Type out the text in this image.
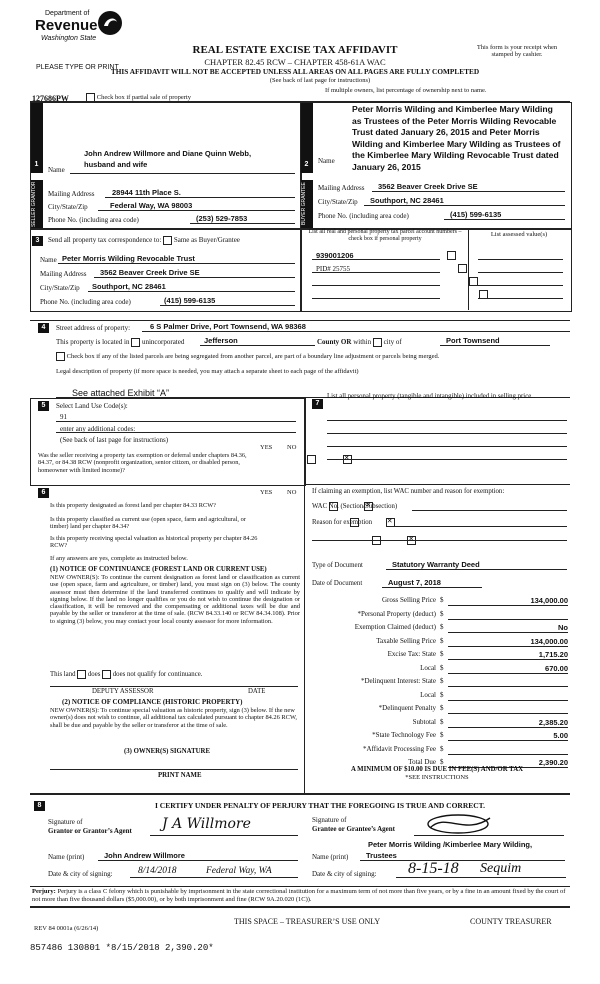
Department of
Revenue
Washington State
PLEASE TYPE OR PRINT
REAL ESTATE EXCISE TAX AFFIDAVIT
CHAPTER 82.45 RCW – CHAPTER 458-61A WAC
THIS AFFIDAVIT WILL NOT BE ACCEPTED UNLESS ALL AREAS ON ALL PAGES ARE FULLY COMPLETED
(See back of last page for instructions)
This form is your receipt when stamped by cashier.
127686PW	Check box if partial sale of property
If multiple owners, list percentage of ownership next to name.
1	2
SELLER GRANTOR	BUYER GRANTEE
Name
John Andrew Willmore and Diane Quinn Webb, husband and wife
Mailing Address 28944 11th Place S.
City/State/Zip	Federal Way, WA 98003
Phone No. (including area code)	(253) 529-7853
Name
Peter Morris Wilding and Kimberlee Mary Wilding as Trustees of the Peter Morris Wilding Revocable Trust dated January 26, 2015 and Peter Morris Wilding and Kimberlee Mary Wilding as Trustees of the Kimberlee Mary Wilding Revocable Trust dated January 26, 2015
Mailing Address 3562 Beaver Creek Drive SE
City/State/Zip Southport, NC 28461
Phone No. (including area code)	(415) 599-6135
3	Send all property tax correspondence to: Same as Buyer/Grantee
Name Peter Morris Wilding Revocable Trust
Mailing Address 3562 Beaver Creek Drive SE
City/State/Zip Southport, NC 28461
Phone No. (including area code)	(415) 599-6135
List all real and personal property tax parcel account numbers – check box if personal property
List assessed value(s)
939001206
PID# 25755

4	Street address of property:	6 S Palmer Drive, Port Townsend, WA 98368
This property is located in unincorporated	Jefferson	County OR within city of	Port Townsend
Check box if any of the listed parcels are being segregated from another parcel, are part of a boundary line adjustment or parcels being merged.
Legal description of property (if more space is needed, you may attach a separate sheet to each page of the affidavit)
See attached Exhibit “A”
5	Select Land Use Code(s):
91
enter any additional codes:
(See back of last page for instructions)
YES NO
Was the seller receiving a property tax exemption or deferral under chapters 84.36, 84.37, or 84.38 RCW (nonprofit organization, senior citizen, or disabled person, homeowner with limited income)?
✕
6	YES NO
Is this property designated as forest land per chapter 84.33 RCW?
✕
Is this property classified as current use (open space, farm and agricultural, or timber) land per chapter 84.34?
✕
Is this property receiving special valuation as historical property per chapter 84.26 RCW?
✕
If any answers are yes, complete as instructed below.
(1) NOTICE OF CONTINUANCE (FOREST LAND OR CURRENT USE)
NEW OWNER(S): To continue the current designation as forest land or classification as current use (open space, farm and agriculture, or timber) land, you must sign on (3) below. The county assessor must then determine if the land transferred continues to qualify and will indicate by signing below. If the land no longer qualifies or you do not wish to continue the designation or classification, it will be removed and the compensating or additional taxes will be due and payable by the seller or transferor at the time of sale. (RCW 84.33.140 or RCW 84.34.108). Prior to signing (3) below, you may contact your local county assessor for more information.
This land does does not qualify for continuance.
DEPUTY ASSESSOR	DATE
(2) NOTICE OF COMPLIANCE (HISTORIC PROPERTY)
NEW OWNER(S): To continue special valuation as historic property, sign (3) below. If the new owner(s) does not wish to continue, all additional tax calculated pursuant to chapter 84.26 RCW, shall be due and payable by the seller or transferor at the time of sale.
(3) OWNER(S) SIGNATURE
PRINT NAME
7
List all personal property (tangible and intangible) included in selling price.
If claiming an exemption, list WAC number and reason for exemption:
WAC No. (Section/Subsection)
Reason for exemption
Type of Document	Statutory Warranty Deed
Date of Document	August 7, 2018
Gross Selling Price $	134,000.00
*Personal Property (deduct) $
Exemption Claimed (deduct) $	No
Taxable Selling Price $	134,000.00
Excise Tax: State $	1,715.20
Local $	670.00
*Delinquent Interest: State $
Local $
*Delinquent Penalty $
Subtotal $	2,385.20
*State Technology Fee $	5.00
*Affidavit Processing Fee $
Total Due $	2,390.20
A MINIMUM OF $10.00 IS DUE IN FEE(S) AND/OR TAX
*SEE INSTRUCTIONS
8	I CERTIFY UNDER PENALTY OF PERJURY THAT THE FOREGOING IS TRUE AND CORRECT.
Signature of
Grantor or Grantor’s Agent J A Willmore	Signature of
Grantee or Grantee’s Agent
Peter Morris Wilding /Kimberlee Mary Wilding,
Name (print)	John Andrew Willmore	Name (print) Trustees
Date & city of signing:	8/14/2018	Federal Way, WA	Date & city of signing: 8-15-18 Sequim
Perjury: Perjury is a class C felony which is punishable by imprisonment in the state correctional institution for a maximum term of not more than five years, or by a fine in an amount fixed by the court of not more than five thousand dollars ($5,000.00), or by both imprisonment and fine (RCW 9A.20.020 (1C)).
REV 84 0001a (6/26/14)
THIS SPACE – TREASURER’S USE ONLY	COUNTY TREASURER
857486 130801 *8/15/2018 2,390.20*
